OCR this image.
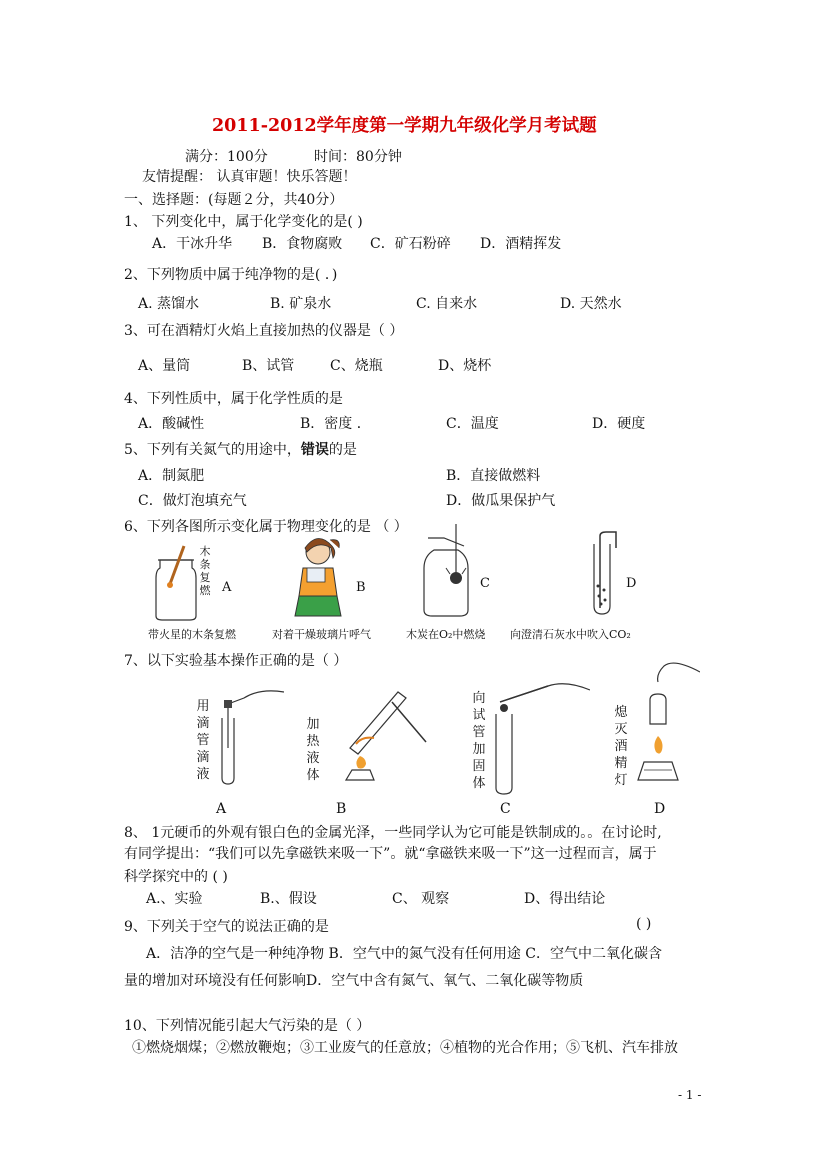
2011-2012学年度第一学期九年级化学月考试题
满分：100分	时间：80分钟
友情提醒： 认真审题！快乐答题！
一、选择题：(每题２分，共40分）
1、 下列变化中，属于化学变化的是( )
A．干冰升华 B．食物腐败 C．矿石粉碎 D．酒精挥发
2、下列物质中属于纯净物的是( ．)
A. 蒸馏水	B. 矿泉水	C. 自来水	D. 天然水
3、可在酒精灯火焰上直接加热的仪器是（ ）
A、量筒	B、试管	C、烧瓶	D、烧杯
4、下列性质中，属于化学性质的是
A．酸碱性	B．密度 ．	C．温度	D．硬度
5、下列有关氮气的用途中，错误的是
A．制氮肥	B．直接做燃料
C．做灯泡填充气	D．做瓜果保护气
6、下列各图所示变化属于物理变化的是 （ ）
木条复燃 A	B	C	D
带火星的木条复燃	对着干燥玻璃片呼气	木炭在O₂中燃烧 向澄清石灰水中吹入CO₂
7、以下实验基本操作正确的是（ ）
用滴管滴液
A
加热液体
B
向试管加固体
C
熄灭酒精灯
D
8、 1元硬币的外观有银白色的金属光泽，一些同学认为它可能是铁制成的。。在讨论时,
有同学提出：“我们可以先拿磁铁来吸一下”。就“拿磁铁来吸一下”这一过程而言，属于
科学探究中的 ( )
A.、实验	B.、假设	C、 观察	D、得出结论
9、下列关于空气的说法正确的是	( )
A．洁净的空气是一种纯净物 B．空气中的氮气没有任何用途 C．空气中二氧化碳含
量的增加对环境没有任何影响D．空气中含有氮气、氧气、二氧化碳等物质
10、下列情况能引起大气污染的是（ ）
①燃烧烟煤；②燃放鞭炮；③工业废气的任意放；④植物的光合作用；⑤飞机、汽车排放
- 1 -
